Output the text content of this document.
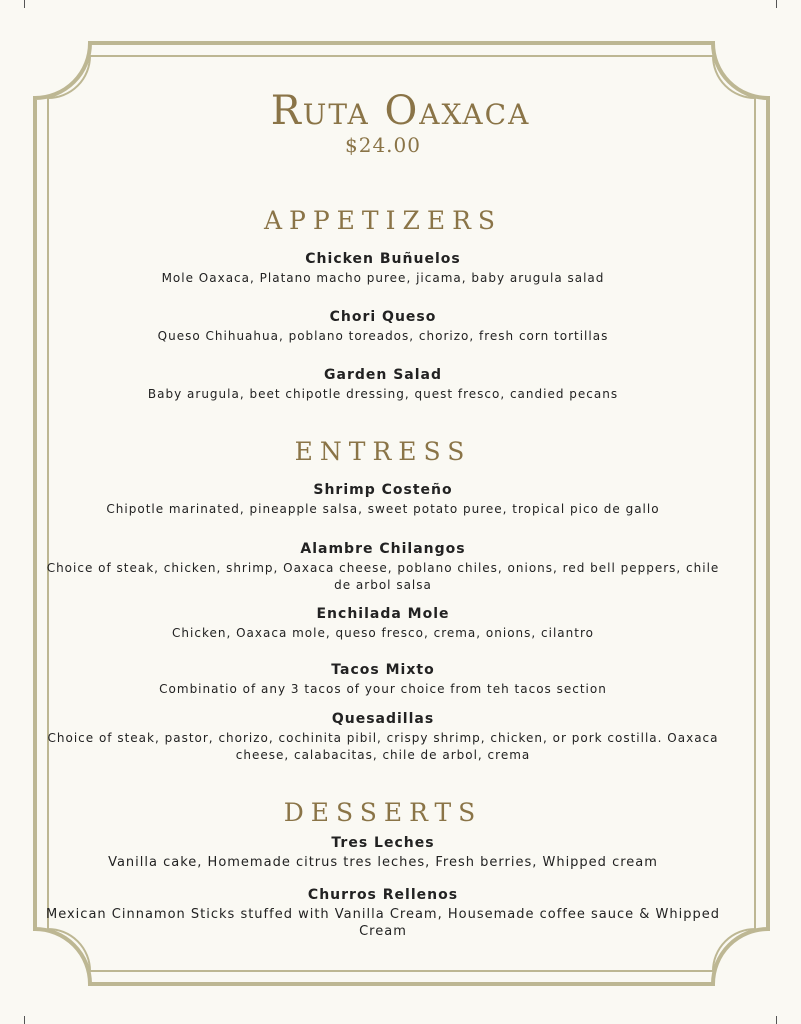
Ruta Oaxaca
$24.00
APPETIZERS
Chicken Buñuelos
Mole Oaxaca, Platano macho puree, jicama, baby arugula salad
Chori Queso
Queso Chihuahua, poblano toreados, chorizo, fresh corn tortillas
Garden Salad
Baby arugula, beet chipotle dressing, quest fresco, candied pecans
ENTRESS
Shrimp Costeño
Chipotle marinated, pineapple salsa, sweet potato puree, tropical pico de gallo
Alambre Chilangos
Choice of steak, chicken, shrimp, Oaxaca cheese, poblano chiles, onions, red bell peppers, chile de arbol salsa
Enchilada Mole
Chicken, Oaxaca mole, queso fresco, crema, onions, cilantro
Tacos Mixto
Combinatio of any 3 tacos of your choice from teh tacos section
Quesadillas
Choice of steak, pastor, chorizo, cochinita pibil, crispy shrimp, chicken, or pork costilla. Oaxaca cheese, calabacitas, chile de arbol, crema
DESSERTS
Tres Leches
Vanilla cake, Homemade citrus tres leches, Fresh berries, Whipped cream
Churros Rellenos
Mexican Cinnamon Sticks stuffed with Vanilla Cream, Housemade coffee sauce & Whipped Cream
